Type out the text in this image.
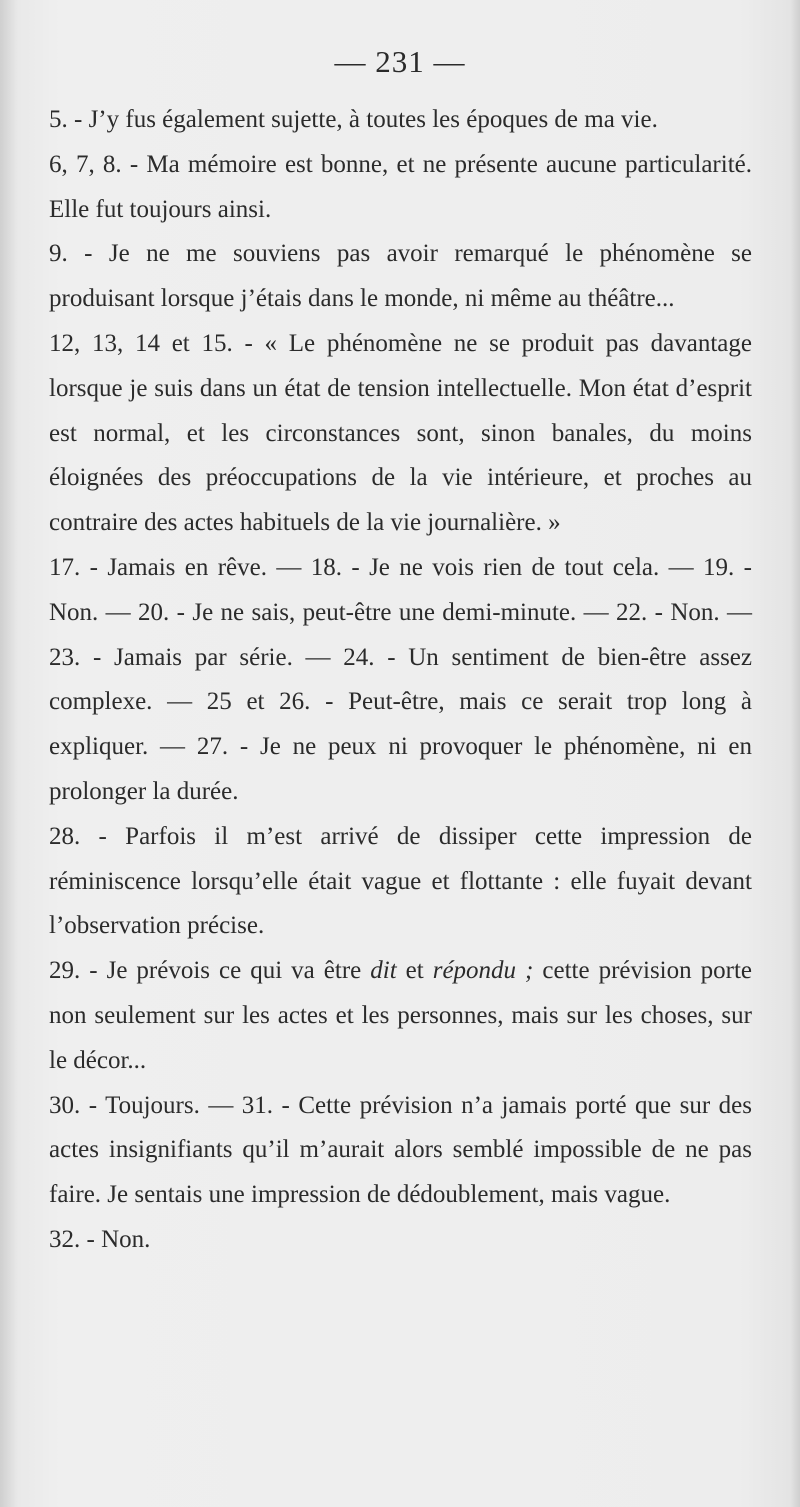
— 231 —

5. - J’y fus également sujette, à toutes les époques de ma vie.

6, 7, 8. - Ma mémoire est bonne, et ne présente aucune particularité. Elle fut toujours ainsi.

9. - Je ne me souviens pas avoir remarqué le phénomène se produisant lorsque j’étais dans le monde, ni même au théâtre...

12, 13, 14 et 15. - « Le phénomène ne se produit pas davantage lorsque je suis dans un état de tension intellectuelle. Mon état d’esprit est normal, et les circonstances sont, sinon banales, du moins éloignées des préoccupations de la vie intérieure, et proches au contraire des actes habituels de la vie journalière. »

17. - Jamais en rêve. — 18. - Je ne vois rien de tout cela. — 19. - Non. — 20. - Je ne sais, peut-être une demi-minute. — 22. - Non. — 23. - Jamais par série. — 24. - Un sentiment de bien-être assez complexe. — 25 et 26. - Peut-être, mais ce serait trop long à expliquer. — 27. - Je ne peux ni provoquer le phénomène, ni en prolonger la durée.

28. - Parfois il m’est arrivé de dissiper cette impression de réminiscence lorsqu’elle était vague et flottante : elle fuyait devant l’observation précise.

29. - Je prévois ce qui va être dit et répondu ; cette prévision porte non seulement sur les actes et les personnes, mais sur les choses, sur le décor...

30. - Toujours. — 31. - Cette prévision n’a jamais porté que sur des actes insignifiants qu’il m’aurait alors semblé impossible de ne pas faire. Je sentais une impression de dédoublement, mais vague.

32. - Non.
